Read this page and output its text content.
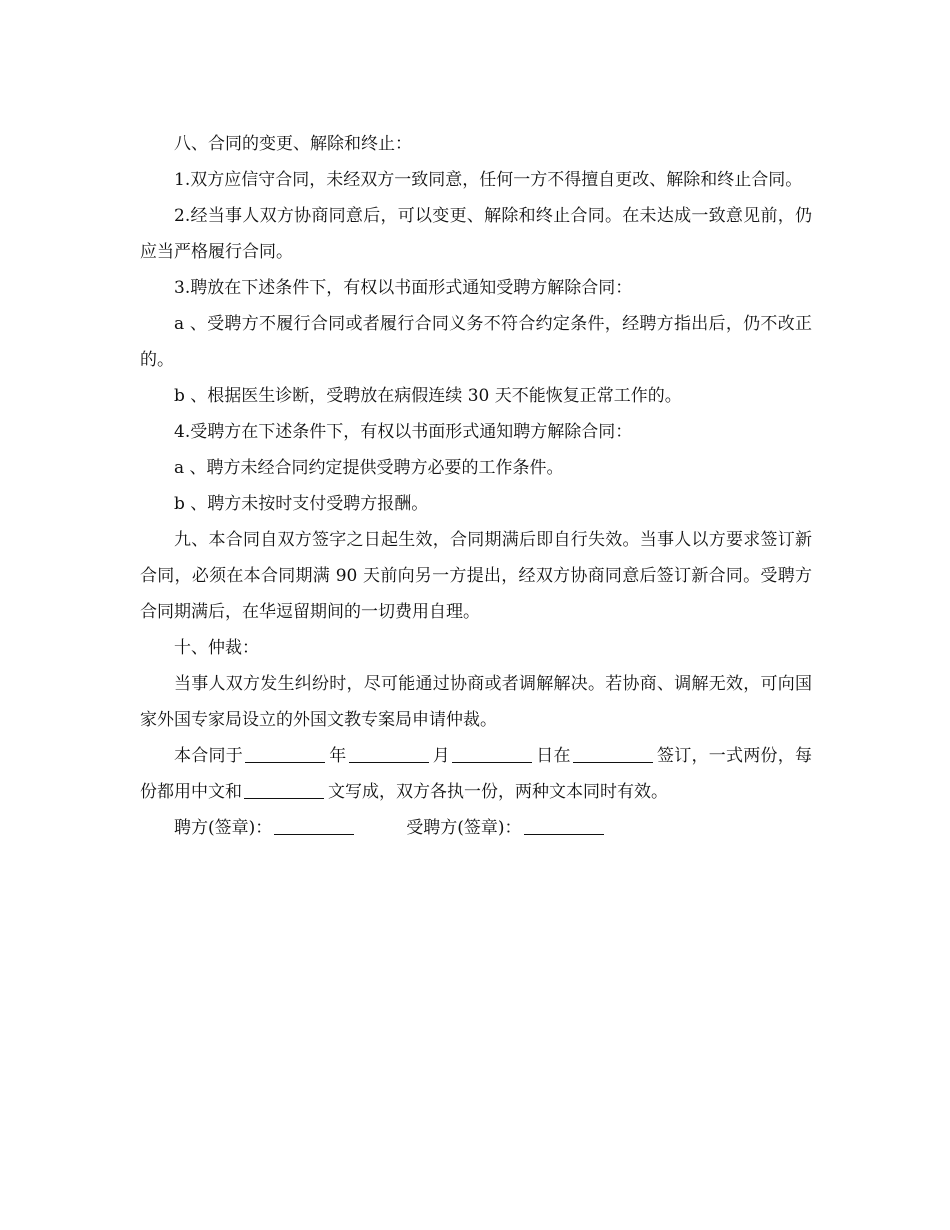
八、合同的变更、解除和终止：

1.双方应信守合同，未经双方一致同意，任何一方不得擅自更改、解除和终止合同。

2.经当事人双方协商同意后，可以变更、解除和终止合同。在未达成一致意见前，仍应当严格履行合同。

3.聘放在下述条件下，有权以书面形式通知受聘方解除合同：

a 、受聘方不履行合同或者履行合同义务不符合约定条件，经聘方指出后，仍不改正的。

b 、根据医生诊断，受聘放在病假连续 30 天不能恢复正常工作的。

4.受聘方在下述条件下，有权以书面形式通知聘方解除合同：

a 、聘方未经合同约定提供受聘方必要的工作条件。

b 、聘方未按时支付受聘方报酬。

九、本合同自双方签字之日起生效，合同期满后即自行失效。当事人以方要求签订新合同，必须在本合同期满 90 天前向另一方提出，经双方协商同意后签订新合同。受聘方合同期满后，在华逗留期间的一切费用自理。

十、仲裁：

当事人双方发生纠纷时，尽可能通过协商或者调解解决。若协商、调解无效，可向国家外国专家局设立的外国文教专案局申请仲裁。

本合同于	年	月	日在	签订，一式两份，每份都用中文和	文写成，双方各执一份，两种文本同时有效。

聘方(签章)：	受聘方(签章)：
